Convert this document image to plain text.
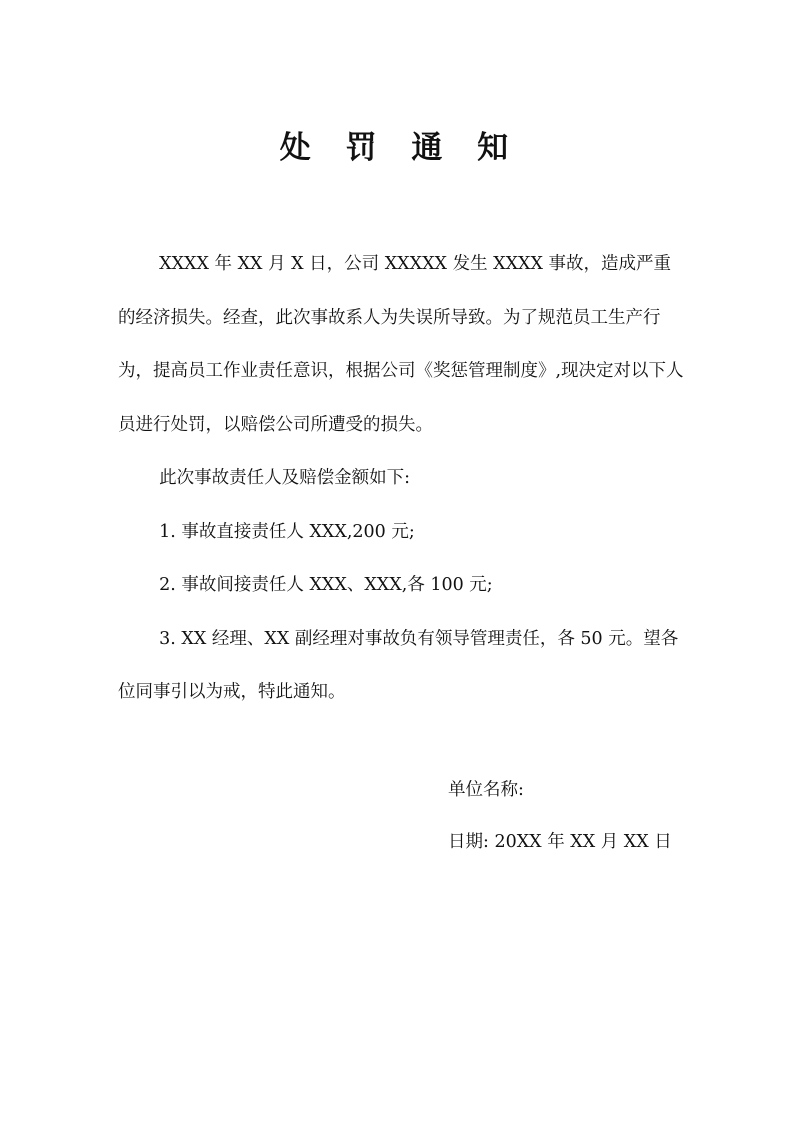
处 罚 通 知

XXXX 年 XX 月 X 日，公司 XXXXX 发生 XXXX 事故，造成严重的经济损失。经查，此次事故系人为失误所导致。为了规范员工生产行为，提高员工作业责任意识，根据公司《奖惩管理制度》,现决定对以下人员进行处罚，以赔偿公司所遭受的损失。

此次事故责任人及赔偿金额如下:

1. 事故直接责任人 XXX,200 元;

2. 事故间接责任人 XXX、XXX,各 100 元;

3. XX 经理、XX 副经理对事故负有领导管理责任，各 50 元。望各位同事引以为戒，特此通知。

单位名称:

日期: 20XX 年 XX 月 XX 日
